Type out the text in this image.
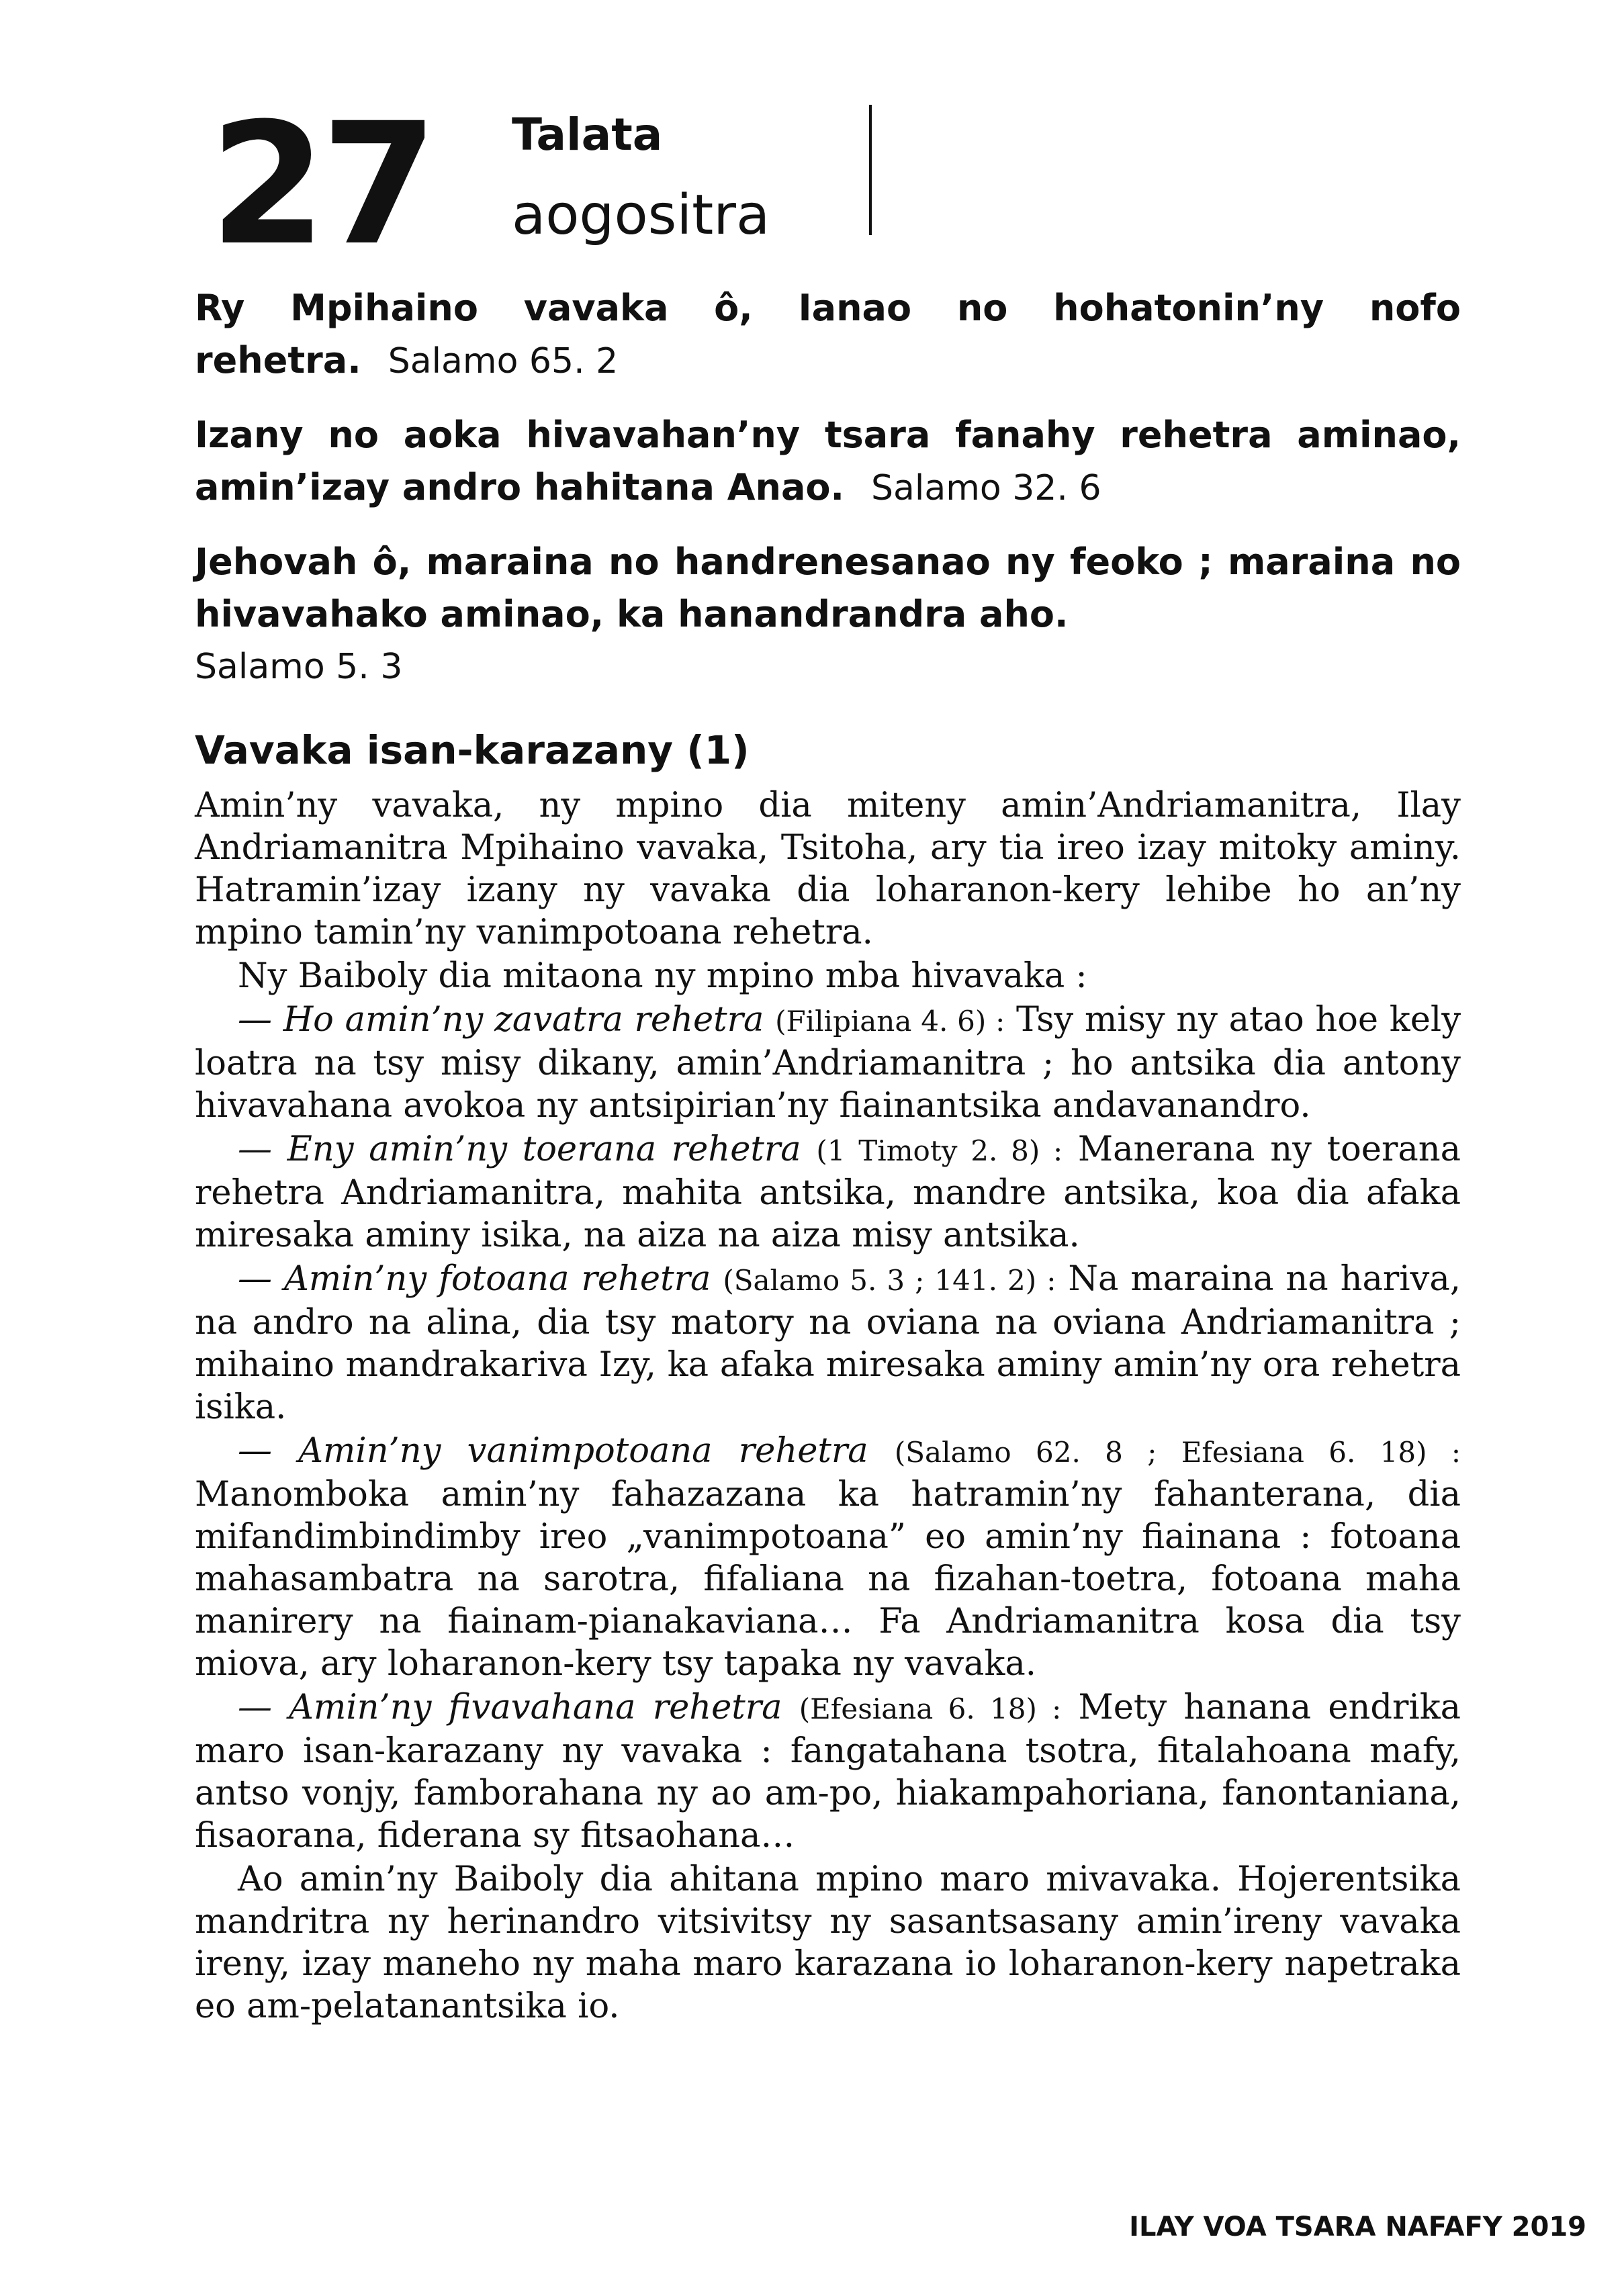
27 Talata
aogositra

Ry Mpihaino vavaka ô, Ianao no hohatonin’ny nofo rehetra. Salamo 65. 2

Izany no aoka hivavahan’ny tsara fanahy rehetra aminao, amin’izay andro hahitana Anao. Salamo 32. 6

Jehovah ô, maraina no handrenesanao ny feoko ; maraina no hivavahako aminao, ka hanandrandra aho.
Salamo 5. 3

Vavaka isan-karazany (1)

Amin’ny vavaka, ny mpino dia miteny amin’Andriamanitra, Ilay Andriamanitra Mpihaino vavaka, Tsitoha, ary tia ireo izay mitoky aminy. Hatramin’izay izany ny vavaka dia loharanon-kery lehibe ho an’ny mpino tamin’ny vanimpotoana rehetra.

Ny Baiboly dia mitaona ny mpino mba hivavaka :

— Ho amin’ny zavatra rehetra (Filipiana 4. 6) : Tsy misy ny atao hoe kely loatra na tsy misy dikany, amin’Andriamanitra ; ho antsika dia antony hivavahana avokoa ny antsipirian’ny fiainantsika andavanandro.

— Eny amin’ny toerana rehetra (1 Timoty 2. 8) : Manerana ny toerana rehetra Andriamanitra, mahita antsika, mandre antsika, koa dia afaka miresaka aminy isika, na aiza na aiza misy antsika.

— Amin’ny fotoana rehetra (Salamo 5. 3 ; 141. 2) : Na maraina na hariva, na andro na alina, dia tsy matory na oviana na oviana Andriamanitra ; mihaino mandrakariva Izy, ka afaka miresaka aminy amin’ny ora rehetra isika.

— Amin’ny vanimpotoana rehetra (Salamo 62. 8 ; Efesiana 6. 18) : Manomboka amin’ny fahazazana ka hatramin’ny fahanterana, dia mifandimbindimby ireo „vanimpotoana” eo amin’ny fiainana : fotoana mahasambatra na sarotra, fifaliana na fizahan-toetra, fotoana maha manirery na fiainam-pianakaviana… Fa Andriamanitra kosa dia tsy miova, ary loharanon-kery tsy tapaka ny vavaka.

— Amin’ny fivavahana rehetra (Efesiana 6. 18) : Mety hanana endrika maro isan-karazany ny vavaka : fangatahana tsotra, fitalahoana mafy, antso vonjy, famborahana ny ao am-po, hiakampahoriana, fanontaniana, fisaorana, fiderana sy fitsaohana…

Ao amin’ny Baiboly dia ahitana mpino maro mivavaka. Hojerentsika mandritra ny herinandro vitsivitsy ny sasantsasany amin’ireny vavaka ireny, izay maneho ny maha maro karazana io loharanon-kery napetraka eo am-pelatanantsika io.

ILAY VOA TSARA NAFAFY 2019
